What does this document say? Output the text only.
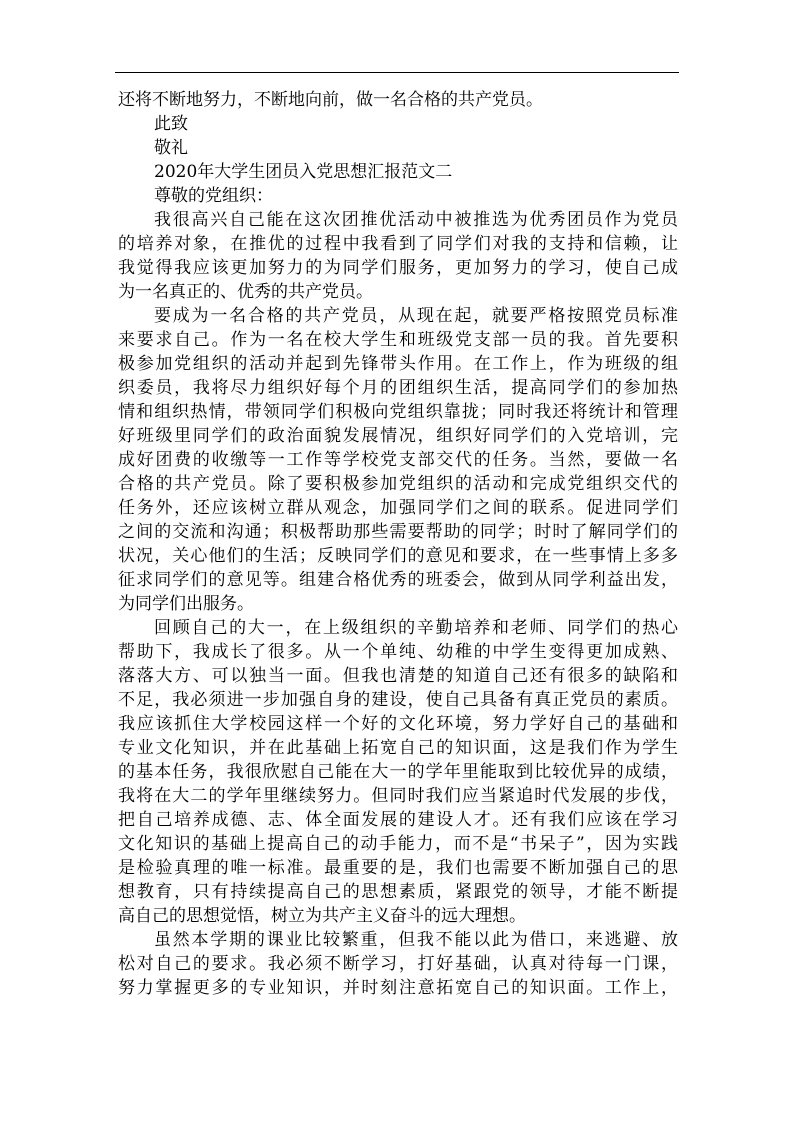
还将不断地努力，不断地向前，做一名合格的共产党员。
此致
敬礼
2020年大学生团员入党思想汇报范文二
尊敬的党组织：
我很高兴自己能在这次团推优活动中被推选为优秀团员作为党员
的培养对象，在推优的过程中我看到了同学们对我的支持和信赖，让
我觉得我应该更加努力的为同学们服务，更加努力的学习，使自己成
为一名真正的、优秀的共产党员。
要成为一名合格的共产党员，从现在起，就要严格按照党员标准
来要求自己。作为一名在校大学生和班级党支部一员的我。首先要积
极参加党组织的活动并起到先锋带头作用。在工作上，作为班级的组
织委员，我将尽力组织好每个月的团组织生活，提高同学们的参加热
情和组织热情，带领同学们积极向党组织靠拢；同时我还将统计和管理
好班级里同学们的政治面貌发展情况，组织好同学们的入党培训，完
成好团费的收缴等一工作等学校党支部交代的任务。当然，要做一名
合格的共产党员。除了要积极参加党组织的活动和完成党组织交代的
任务外，还应该树立群从观念，加强同学们之间的联系。促进同学们
之间的交流和沟通；积极帮助那些需要帮助的同学；时时了解同学们的
状况，关心他们的生活；反映同学们的意见和要求，在一些事情上多多
征求同学们的意见等。组建合格优秀的班委会，做到从同学利益出发，
为同学们出服务。
回顾自己的大一，在上级组织的辛勤培养和老师、同学们的热心
帮助下，我成长了很多。从一个单纯、幼稚的中学生变得更加成熟、
落落大方、可以独当一面。但我也清楚的知道自己还有很多的缺陷和
不足，我必须进一步加强自身的建设，使自己具备有真正党员的素质。
我应该抓住大学校园这样一个好的文化环境，努力学好自己的基础和
专业文化知识，并在此基础上拓宽自己的知识面，这是我们作为学生
的基本任务，我很欣慰自己能在大一的学年里能取到比较优异的成绩，
我将在大二的学年里继续努力。但同时我们应当紧追时代发展的步伐，
把自己培养成德、志、体全面发展的建设人才。还有我们应该在学习
文化知识的基础上提高自己的动手能力，而不是“书呆子”，因为实践
是检验真理的唯一标准。最重要的是，我们也需要不断加强自己的思
想教育，只有持续提高自己的思想素质，紧跟党的领导，才能不断提
高自己的思想觉悟，树立为共产主义奋斗的远大理想。
虽然本学期的课业比较繁重，但我不能以此为借口，来逃避、放
松对自己的要求。我必须不断学习，打好基础，认真对待每一门课，
努力掌握更多的专业知识，并时刻注意拓宽自己的知识面。工作上，
